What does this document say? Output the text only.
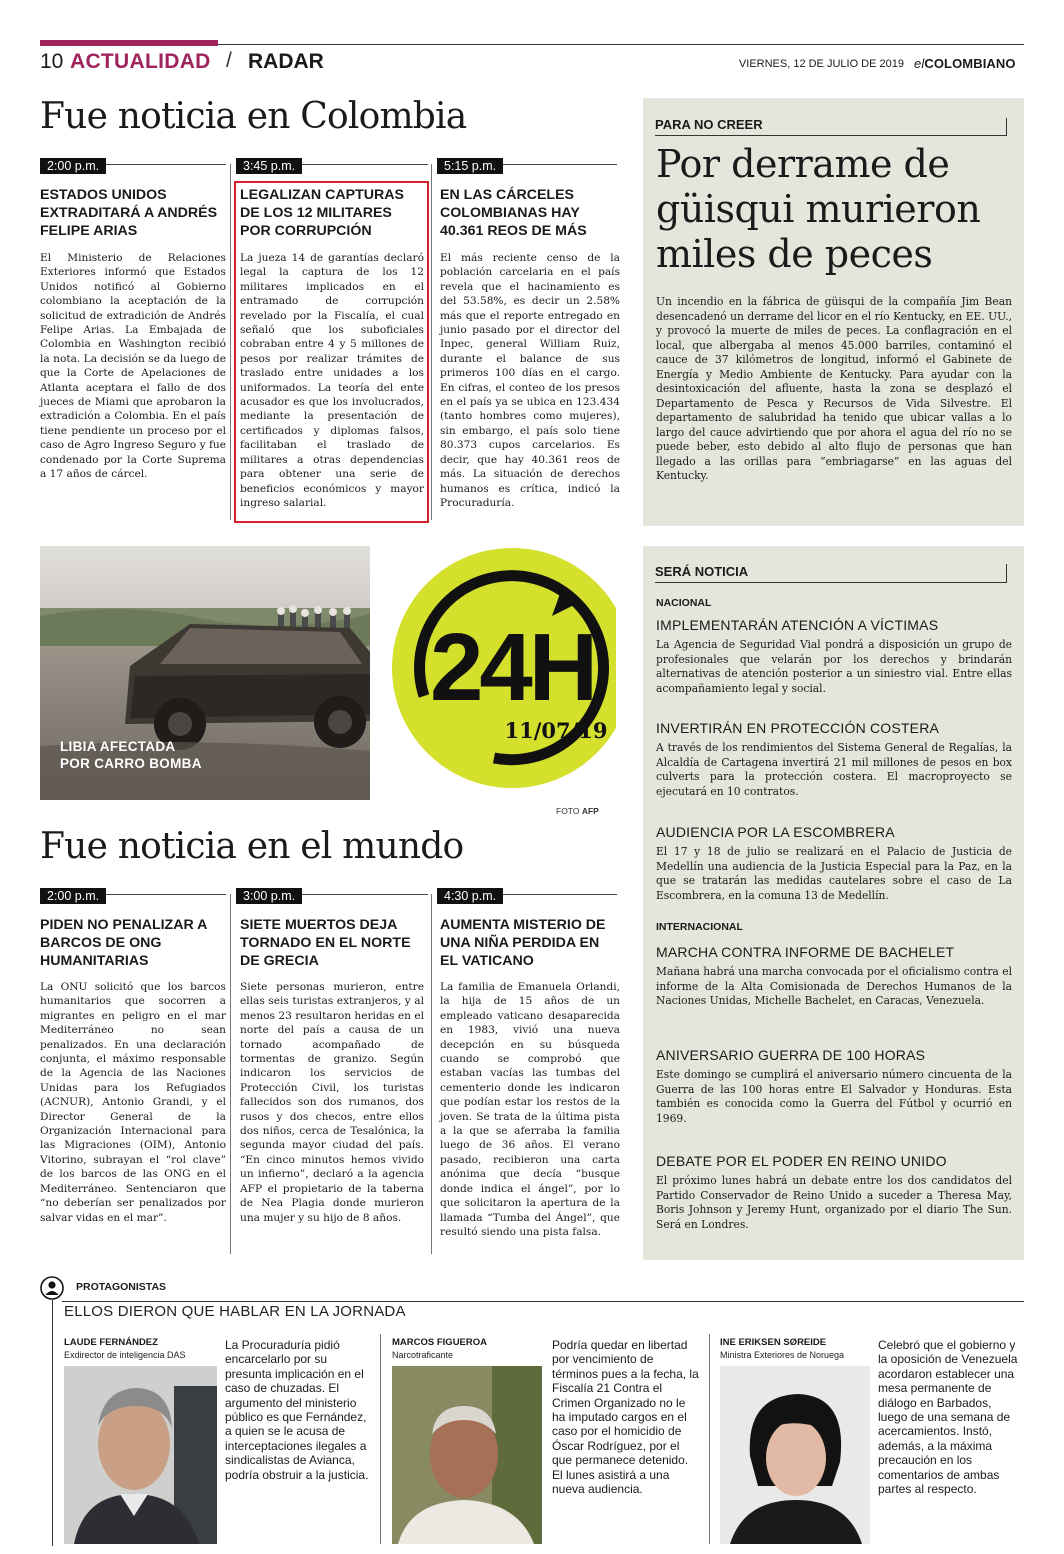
10 ACTUALIDAD / RADAR	VIERNES, 12 DE JULIO DE 2019 elCOLOMBIANO
Fue noticia en Colombia
2:00 p.m.	3:45 p.m.	5:15 p.m.
ESTADOS UNIDOS EXTRADITARÁ A ANDRÉS FELIPE ARIAS
LEGALIZAN CAPTURAS DE LOS 12 MILITARES POR CORRUPCIÓN
EN LAS CÁRCELES COLOMBIANAS HAY 40.361 REOS DE MÁS
El Ministerio de Relaciones Exteriores informó que Estados Unidos notificó al Gobierno colombiano la aceptación de la solicitud de extradición de Andrés Felipe Arias. La Embajada de Colombia en Washington recibió la nota. La decisión se da luego de que la Corte de Apelaciones de Atlanta aceptara el fallo de dos jueces de Miami que aprobaron la extradición a Colombia. En el país tiene pendiente un proceso por el caso de Agro Ingreso Seguro y fue condenado por la Corte Suprema a 17 años de cárcel.
La jueza 14 de garantías declaró legal la captura de los 12 militares implicados en el entramado de corrupción revelado por la Fiscalía, el cual señaló que los suboficiales cobraban entre 4 y 5 millones de pesos por realizar trámites de traslado entre unidades a los uniformados. La teoría del ente acusador es que los involucrados, mediante la presentación de certificados y diplomas falsos, facilitaban el traslado de militares a otras dependencias para obtener una serie de beneficios económicos y mayor ingreso salarial.
El más reciente censo de la población carcelaria en el país revela que el hacinamiento es del 53.58%, es decir un 2.58% más que el reporte entregado en junio pasado por el director del Inpec, general William Ruiz, durante el balance de sus primeros 100 días en el cargo. En cifras, el conteo de los presos en el país ya se ubica en 123.434 (tanto hombres como mujeres), sin embargo, el país solo tiene 80.373 cupos carcelarios. Es decir, que hay 40.361 reos de más. La situación de derechos humanos es crítica, indicó la Procuraduría.
PARA NO CREER
Por derrame de güisqui murieron miles de peces
Un incendio en la fábrica de güisqui de la compañía Jim Bean desencadenó un derrame del licor en el río Kentucky, en EE. UU., y provocó la muerte de miles de peces. La conflagración en el local, que albergaba al menos 45.000 barriles, contaminó el cauce de 37 kilómetros de longitud, informó el Gabinete de Energía y Medio Ambiente de Kentucky. Para ayudar con la desintoxicación del afluente, hasta la zona se desplazó el Departamento de Pesca y Recursos de Vida Silvestre. El departamento de salubridad ha tenido que ubicar vallas a lo largo del cauce advirtiendo que por ahora el agua del río no se puede beber, esto debido al alto flujo de personas que han llegado a las orillas para “embriagarse” en las aguas del Kentucky.
LIBIA AFECTADA
POR CARRO BOMBA
24H
11/07/19
FOTO AFP
SERÁ NOTICIA
NACIONAL
IMPLEMENTARÁN ATENCIÓN A VÍCTIMAS
La Agencia de Seguridad Vial pondrá a disposición un grupo de profesionales que velarán por los derechos y brindarán alternativas de atención posterior a un siniestro vial. Entre ellas acompañamiento legal y social.
INVERTIRÁN EN PROTECCIÓN COSTERA
A través de los rendimientos del Sistema General de Regalías, la Alcaldía de Cartagena invertirá 21 mil millones de pesos en box culverts para la protección costera. El macroproyecto se ejecutará en 10 contratos.
AUDIENCIA POR LA ESCOMBRERA
El 17 y 18 de julio se realizará en el Palacio de Justicia de Medellín una audiencia de la Justicia Especial para la Paz, en la que se tratarán las medidas cautelares sobre el caso de La Escombrera, en la comuna 13 de Medellín.
INTERNACIONAL
MARCHA CONTRA INFORME DE BACHELET
Mañana habrá una marcha convocada por el oficialismo contra el informe de la Alta Comisionada de Derechos Humanos de la Naciones Unidas, Michelle Bachelet, en Caracas, Venezuela.
ANIVERSARIO GUERRA DE 100 HORAS
Este domingo se cumplirá el aniversario número cincuenta de la Guerra de las 100 horas entre El Salvador y Honduras. Esta también es conocida como la Guerra del Fútbol y ocurrió en 1969.
DEBATE POR EL PODER EN REINO UNIDO
El próximo lunes habrá un debate entre los dos candidatos del Partido Conservador de Reino Unido a suceder a Theresa May, Boris Johnson y Jeremy Hunt, organizado por el diario The Sun. Será en Londres.
Fue noticia en el mundo
2:00 p.m.	3:00 p.m.	4:30 p.m.
PIDEN NO PENALIZAR A BARCOS DE ONG HUMANITARIAS
SIETE MUERTOS DEJA TORNADO EN EL NORTE DE GRECIA
AUMENTA MISTERIO DE UNA NIÑA PERDIDA EN EL VATICANO
La ONU solicitó que los barcos humanitarios que socorren a migrantes en peligro en el mar Mediterráneo no sean penalizados. En una declaración conjunta, el máximo responsable de la Agencia de las Naciones Unidas para los Refugiados (ACNUR), Antonio Grandi, y el Director General de la Organización Internacional para las Migraciones (OIM), Antonio Vitorino, subrayan el “rol clave” de los barcos de las ONG en el Mediterráneo. Sentenciaron que “no deberían ser penalizados por salvar vidas en el mar”.
Siete personas murieron, entre ellas seis turistas extranjeros, y al menos 23 resultaron heridas en el norte del país a causa de un tornado acompañado de tormentas de granizo. Según indicaron los servicios de Protección Civil, los turistas fallecidos son dos rumanos, dos rusos y dos checos, entre ellos dos niños, cerca de Tesalónica, la segunda mayor ciudad del país. “En cinco minutos hemos vivido un infierno”, declaró a la agencia AFP el propietario de la taberna de Nea Plagia donde murieron una mujer y su hijo de 8 años.
La familia de Emanuela Orlandi, la hija de 15 años de un empleado vaticano desaparecida en 1983, vivió una nueva decepción en su búsqueda cuando se comprobó que estaban vacías las tumbas del cementerio donde les indicaron que podían estar los restos de la joven. Se trata de la última pista a la que se aferraba la familia luego de 36 años. El verano pasado, recibieron una carta anónima que decía “busque donde indica el ángel”, por lo que solicitaron la apertura de la llamada “Tumba del Ángel”, que resultó siendo una pista falsa.
PROTAGONISTAS
ELLOS DIERON QUE HABLAR EN LA JORNADA
LAUDE FERNÁNDEZ
Exdirector de inteligencia DAS
La Procuraduría pidió encarcelarlo por su presunta implicación en el caso de chuzadas. El argumento del ministerio público es que Fernández, a quien se le acusa de interceptaciones ilegales a sindicalistas de Avianca, podría obstruir a la justicia.
MARCOS FIGUEROA
Narcotraficante
Podría quedar en libertad por vencimiento de términos pues a la fecha, la Fiscalía 21 Contra el Crimen Organizado no le ha imputado cargos en el caso por el homicidio de Óscar Rodríguez, por el que permanece detenido. El lunes asistirá a una nueva audiencia.
INE ERIKSEN SØREIDE
Ministra Exteriores de Noruega
Celebró que el gobierno y la oposición de Venezuela acordaron establecer una mesa permanente de diálogo en Barbados, luego de una semana de acercamientos. Instó, además, a la máxima precaución en los comentarios de ambas partes al respecto.
